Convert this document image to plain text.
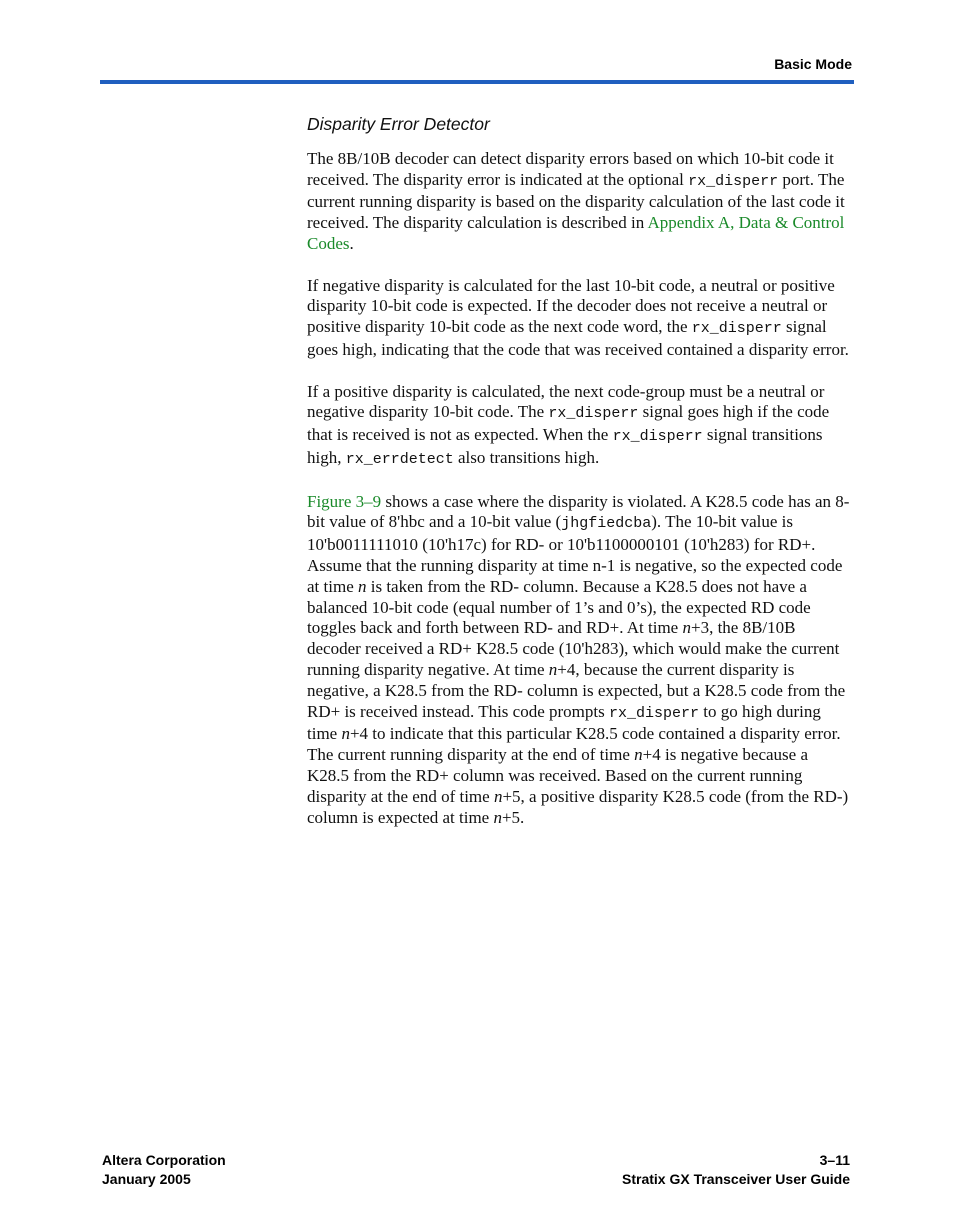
Basic Mode
Disparity Error Detector

The 8B/10B decoder can detect disparity errors based on which 10-bit code it received. The disparity error is indicated at the optional rx_disperr port. The current running disparity is based on the disparity calculation of the last code it received. The disparity calculation is described in Appendix A, Data & Control Codes.

If negative disparity is calculated for the last 10-bit code, a neutral or positive disparity 10-bit code is expected. If the decoder does not receive a neutral or positive disparity 10-bit code as the next code word, the rx_disperr signal goes high, indicating that the code that was received contained a disparity error.

If a positive disparity is calculated, the next code-group must be a neutral or negative disparity 10-bit code. The rx_disperr signal goes high if the code that is received is not as expected. When the rx_disperr signal transitions high, rx_errdetect also transitions high.

Figure 3–9 shows a case where the disparity is violated. A K28.5 code has an 8-bit value of 8'hbc and a 10-bit value (jhgfiedcba). The 10-bit value is 10'b0011111010 (10'h17c) for RD- or 10'b1100000101 (10'h283) for RD+. Assume that the running disparity at time n-1 is negative, so the expected code at time n is taken from the RD- column. Because a K28.5 does not have a balanced 10-bit code (equal number of 1’s and 0’s), the expected RD code toggles back and forth between RD- and RD+. At time n+3, the 8B/10B decoder received a RD+ K28.5 code (10'h283), which would make the current running disparity negative. At time n+4, because the current disparity is negative, a K28.5 from the RD- column is expected, but a K28.5 code from the RD+ is received instead. This code prompts rx_disperr to go high during time n+4 to indicate that this particular K28.5 code contained a disparity error. The current running disparity at the end of time n+4 is negative because a K28.5 from the RD+ column was received. Based on the current running disparity at the end of time n+5, a positive disparity K28.5 code (from the RD-) column is expected at time n+5.

Altera Corporation
January 2005
3–11
Stratix GX Transceiver User Guide
